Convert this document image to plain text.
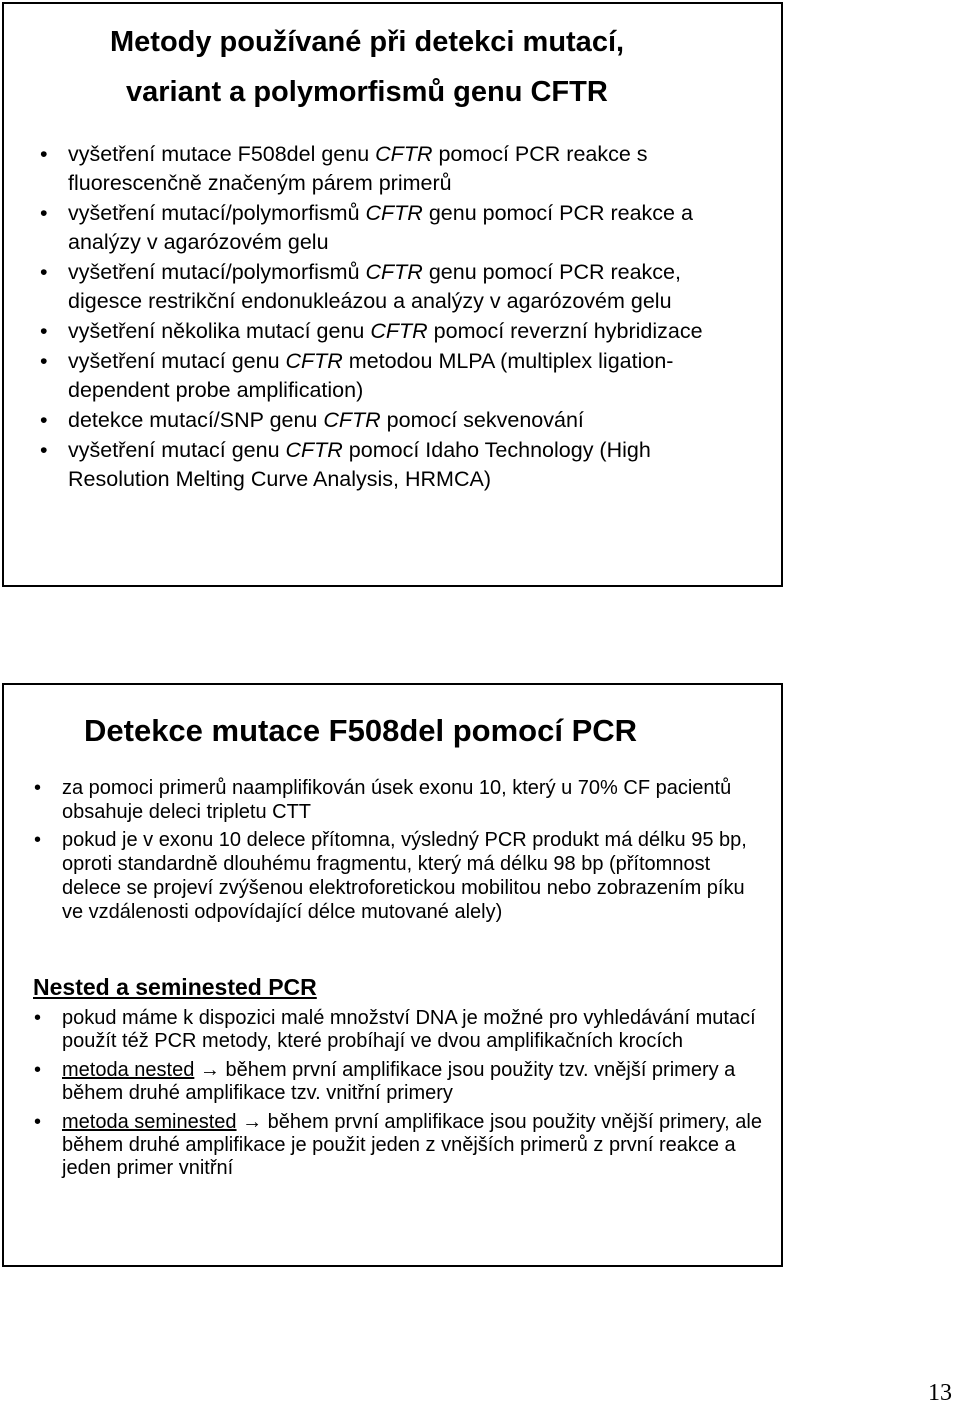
Metody používané při detekci mutací,
variant a polymorfismů genu CFTR
• vyšetření mutace F508del genu CFTR pomocí PCR reakce s fluorescenčně značeným párem primerů
• vyšetření mutací/polymorfismů CFTR genu pomocí PCR reakce a analýzy v agarózovém gelu
• vyšetření mutací/polymorfismů CFTR genu pomocí PCR reakce, digesce restrikční endonukleázou a analýzy v agarózovém gelu
• vyšetření několika mutací genu CFTR pomocí reverzní hybridizace
• vyšetření mutací genu CFTR metodou MLPA (multiplex ligation-dependent probe amplification)
• detekce mutací/SNP genu CFTR pomocí sekvenování
• vyšetření mutací genu CFTR pomocí Idaho Technology (High Resolution Melting Curve Analysis, HRMCA)
Detekce mutace F508del pomocí PCR
• za pomoci primerů naamplifikován úsek exonu 10, který u 70% CF pacientů obsahuje deleci tripletu CTT
• pokud je v exonu 10 delece přítomna, výsledný PCR produkt má délku 95 bp, oproti standardně dlouhému fragmentu, který má délku 98 bp (přítomnost delece se projeví zvýšenou elektroforetickou mobilitou nebo zobrazením píku ve vzdálenosti odpovídající délce mutované alely)
Nested a seminested PCR
• pokud máme k dispozici malé množství DNA je možné pro vyhledávání mutací použít též PCR metody, které probíhají ve dvou amplifikačních krocích
• metoda nested → během první amplifikace jsou použity tzv. vnější primery a během druhé amplifikace tzv. vnitřní primery
• metoda seminested → během první amplifikace jsou použity vnější primery, ale během druhé amplifikace je použit jeden z vnějších primerů z první reakce a jeden primer vnitřní
13
